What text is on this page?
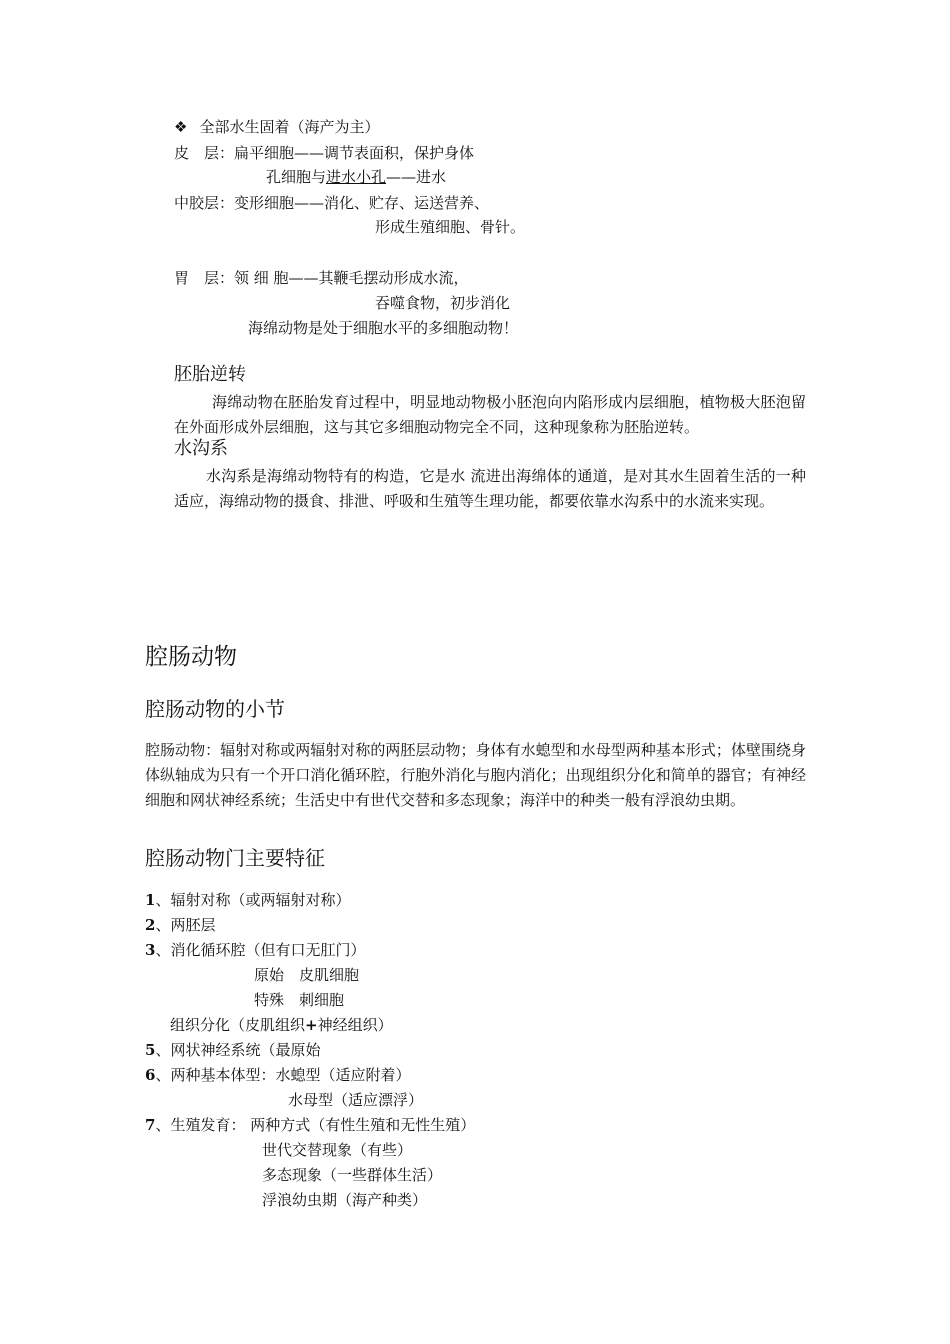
❖ 全部水生固着（海产为主）
皮　层：扁平细胞——调节表面积，保护身体
孔细胞与进水小孔——进水
中胶层：变形细胞——消化、贮存、运送营养、
形成生殖细胞、骨针。
胃　层：领 细 胞——其鞭毛摆动形成水流，
吞噬食物，初步消化
海绵动物是处于细胞水平的多细胞动物！
胚胎逆转
海绵动物在胚胎发育过程中，明显地动物极小胚泡向内陷形成内层细胞，植物极大胚泡留在外面形成外层细胞，这与其它多细胞动物完全不同，这种现象称为胚胎逆转。
水沟系
水沟系是海绵动物特有的构造，它是水 流进出海绵体的通道，是对其水生固着生活的一种适应，海绵动物的摄食、排泄、呼吸和生殖等生理功能，都要依靠水沟系中的水流来实现。
腔肠动物
腔肠动物的小节
腔肠动物：辐射对称或两辐射对称的两胚层动物；身体有水螅型和水母型两种基本形式；体壁围绕身体纵轴成为只有一个开口消化循环腔，行胞外消化与胞内消化；出现组织分化和简单的器官；有神经细胞和网状神经系统；生活史中有世代交替和多态现象；海洋中的种类一般有浮浪幼虫期。
腔肠动物门主要特征
1、辐射对称（或两辐射对称）
2、两胚层
3、消化循环腔（但有口无肛门）
原始　皮肌细胞
特殊　刺细胞
组织分化（皮肌组织+神经组织）
5、网状神经系统（最原始
6、两种基本体型：水螅型（适应附着）
水母型（适应漂浮）
7、生殖发育： 两种方式（有性生殖和无性生殖）
世代交替现象（有些）
多态现象（一些群体生活）
浮浪幼虫期（海产种类）
